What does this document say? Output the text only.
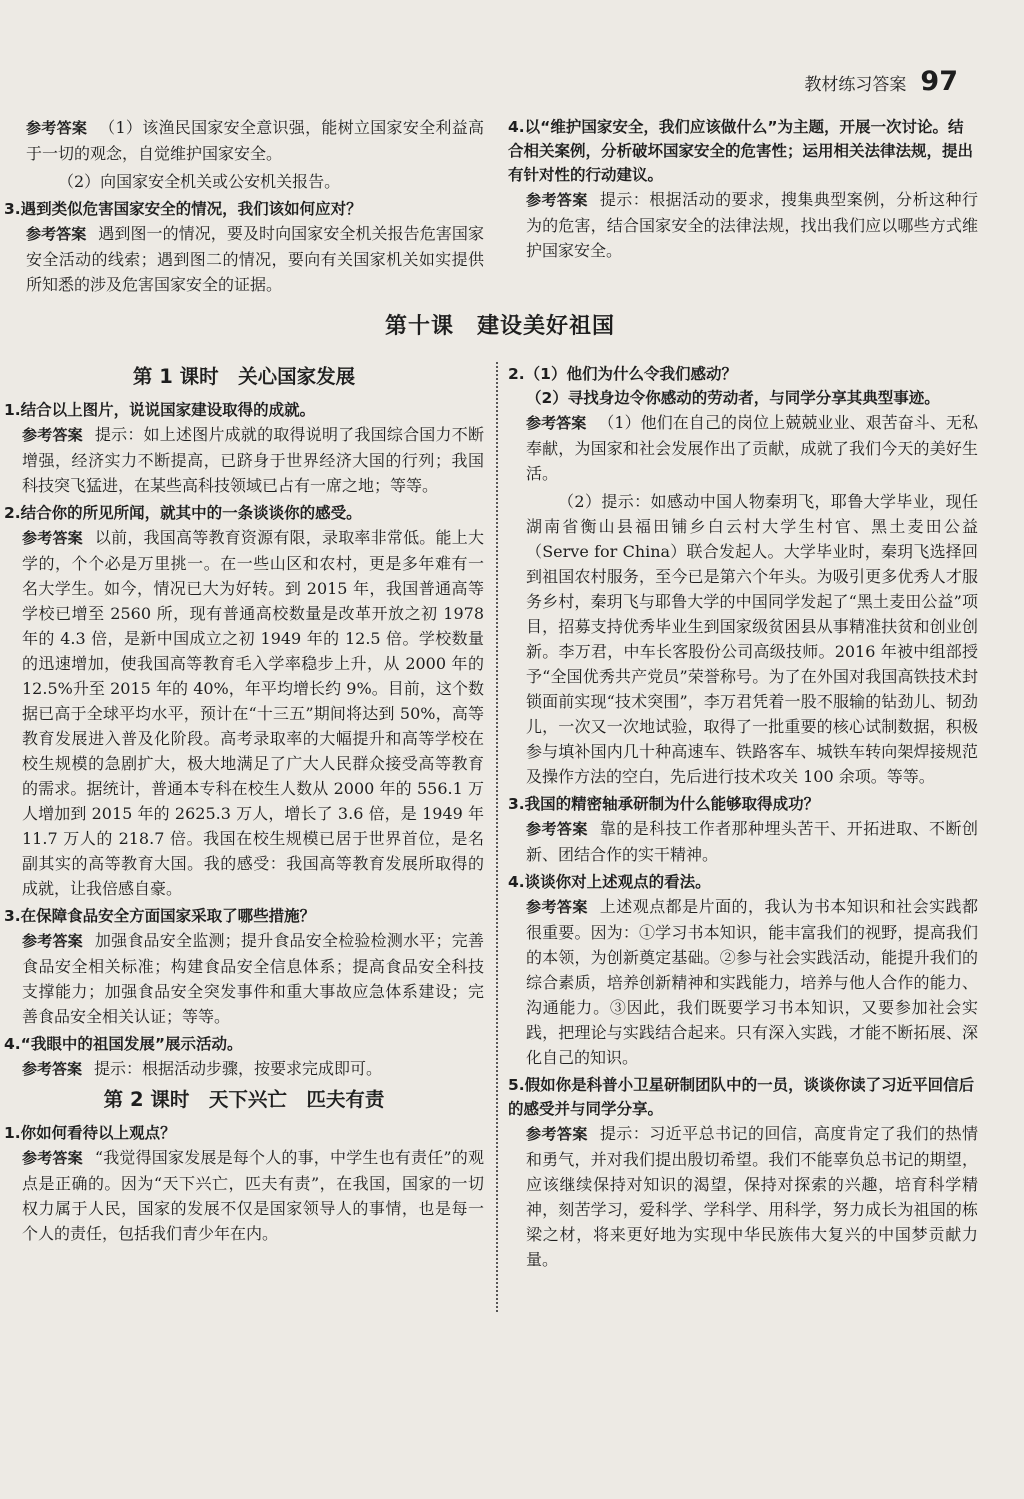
教材练习答案 97

参考答案 （1）该渔民国家安全意识强，能树立国家安全利益高于一切的观念，自觉维护国家安全。

（2）向国家安全机关或公安机关报告。

3.遇到类似危害国家安全的情况，我们该如何应对？

参考答案 遇到图一的情况，要及时向国家安全机关报告危害国家安全活动的线索；遇到图二的情况，要向有关国家机关如实提供所知悉的涉及危害国家安全的证据。

4.以“维护国家安全，我们应该做什么”为主题，开展一次讨论。结合相关案例，分析破坏国家安全的危害性；运用相关法律法规，提出有针对性的行动建议。

参考答案 提示：根据活动的要求，搜集典型案例，分析这种行为的危害，结合国家安全的法律法规，找出我们应以哪些方式维护国家安全。

第十课　建设美好祖国
第 1 课时　关心国家发展

1.结合以上图片，说说国家建设取得的成就。

参考答案 提示：如上述图片成就的取得说明了我国综合国力不断增强，经济实力不断提高，已跻身于世界经济大国的行列；我国科技突飞猛进，在某些高科技领域已占有一席之地；等等。

2.结合你的所见所闻，就其中的一条谈谈你的感受。

参考答案 以前，我国高等教育资源有限，录取率非常低。能上大学的，个个必是万里挑一。在一些山区和农村，更是多年难有一名大学生。如今，情况已大为好转。到 2015 年，我国普通高等学校已增至 2560 所，现有普通高校数量是改革开放之初 1978 年的 4.3 倍，是新中国成立之初 1949 年的 12.5 倍。学校数量的迅速增加，使我国高等教育毛入学率稳步上升，从 2000 年的 12.5%升至 2015 年的 40%，年平均增长约 9%。目前，这个数据已高于全球平均水平，预计在“十三五”期间将达到 50%，高等教育发展进入普及化阶段。高考录取率的大幅提升和高等学校在校生规模的急剧扩大，极大地满足了广大人民群众接受高等教育的需求。据统计，普通本专科在校生人数从 2000 年的 556.1 万人增加到 2015 年的 2625.3 万人，增长了 3.6 倍，是 1949 年 11.7 万人的 218.7 倍。我国在校生规模已居于世界首位，是名副其实的高等教育大国。我的感受：我国高等教育发展所取得的成就，让我倍感自豪。

3.在保障食品安全方面国家采取了哪些措施？

参考答案 加强食品安全监测；提升食品安全检验检测水平；完善食品安全相关标准；构建食品安全信息体系；提高食品安全科技支撑能力；加强食品安全突发事件和重大事故应急体系建设；完善食品安全相关认证；等等。

4.“我眼中的祖国发展”展示活动。

参考答案 提示：根据活动步骤，按要求完成即可。

第 2 课时　天下兴亡　匹夫有责

1.你如何看待以上观点？

参考答案 “我觉得国家发展是每个人的事，中学生也有责任”的观点是正确的。因为“天下兴亡，匹夫有责”，在我国，国家的一切权力属于人民，国家的发展不仅是国家领导人的事情，也是每一个人的责任，包括我们青少年在内。

2.（1）他们为什么令我们感动？

（2）寻找身边令你感动的劳动者，与同学分享其典型事迹。

参考答案 （1）他们在自己的岗位上兢兢业业、艰苦奋斗、无私奉献，为国家和社会发展作出了贡献，成就了我们今天的美好生活。

（2）提示：如感动中国人物秦玥飞，耶鲁大学毕业，现任湖南省衡山县福田铺乡白云村大学生村官、黑土麦田公益（Serve for China）联合发起人。大学毕业时，秦玥飞选择回到祖国农村服务，至今已是第六个年头。为吸引更多优秀人才服务乡村，秦玥飞与耶鲁大学的中国同学发起了“黑土麦田公益”项目，招募支持优秀毕业生到国家级贫困县从事精准扶贫和创业创新。李万君，中车长客股份公司高级技师。2016 年被中组部授予“全国优秀共产党员”荣誉称号。为了在外国对我国高铁技术封锁面前实现“技术突围”，李万君凭着一股不服输的钻劲儿、韧劲儿，一次又一次地试验，取得了一批重要的核心试制数据，积极参与填补国内几十种高速车、铁路客车、城铁车转向架焊接规范及操作方法的空白，先后进行技术攻关 100 余项。等等。

3.我国的精密轴承研制为什么能够取得成功？

参考答案 靠的是科技工作者那种埋头苦干、开拓进取、不断创新、团结合作的实干精神。

4.谈谈你对上述观点的看法。

参考答案 上述观点都是片面的，我认为书本知识和社会实践都很重要。因为：①学习书本知识，能丰富我们的视野，提高我们的本领，为创新奠定基础。②参与社会实践活动，能提升我们的综合素质，培养创新精神和实践能力，培养与他人合作的能力、沟通能力。③因此，我们既要学习书本知识，又要参加社会实践，把理论与实践结合起来。只有深入实践，才能不断拓展、深化自己的知识。

5.假如你是科普小卫星研制团队中的一员，谈谈你读了习近平回信后的感受并与同学分享。

参考答案 提示：习近平总书记的回信，高度肯定了我们的热情和勇气，并对我们提出殷切希望。我们不能辜负总书记的期望，应该继续保持对知识的渴望，保持对探索的兴趣，培育科学精神，刻苦学习，爱科学、学科学、用科学，努力成长为祖国的栋梁之材，将来更好地为实现中华民族伟大复兴的中国梦贡献力量。
